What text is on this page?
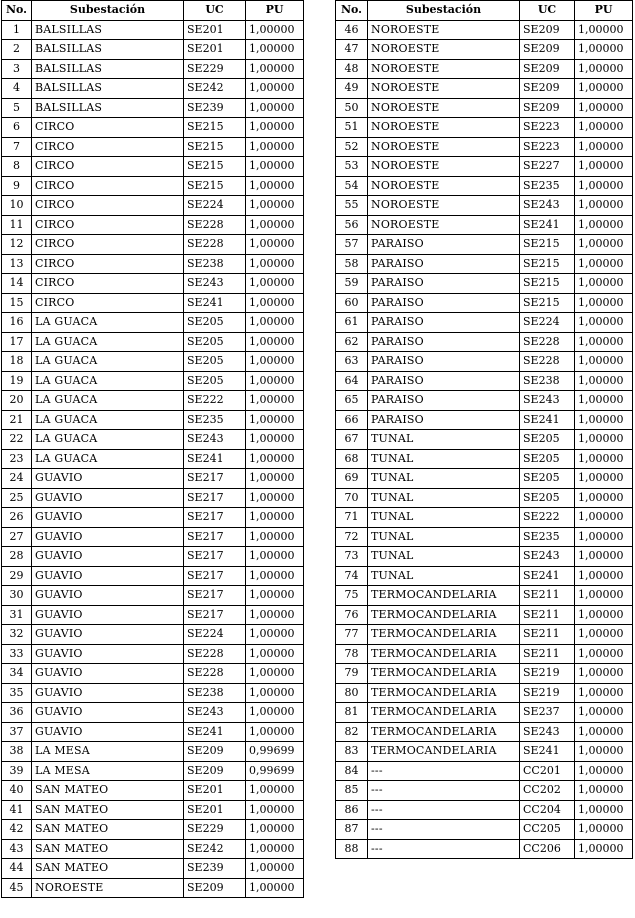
No.	Subestación	UC	PU
1	BALSILLAS	SE201	1,00000
2	BALSILLAS	SE201	1,00000
3	BALSILLAS	SE229	1,00000
4	BALSILLAS	SE242	1,00000
5	BALSILLAS	SE239	1,00000
6	CIRCO	SE215	1,00000
7	CIRCO	SE215	1,00000
8	CIRCO	SE215	1,00000
9	CIRCO	SE215	1,00000
10	CIRCO	SE224	1,00000
11	CIRCO	SE228	1,00000
12	CIRCO	SE228	1,00000
13	CIRCO	SE238	1,00000
14	CIRCO	SE243	1,00000
15	CIRCO	SE241	1,00000
16	LA GUACA	SE205	1,00000
17	LA GUACA	SE205	1,00000
18	LA GUACA	SE205	1,00000
19	LA GUACA	SE205	1,00000
20	LA GUACA	SE222	1,00000
21	LA GUACA	SE235	1,00000
22	LA GUACA	SE243	1,00000
23	LA GUACA	SE241	1,00000
24	GUAVIO	SE217	1,00000
25	GUAVIO	SE217	1,00000
26	GUAVIO	SE217	1,00000
27	GUAVIO	SE217	1,00000
28	GUAVIO	SE217	1,00000
29	GUAVIO	SE217	1,00000
30	GUAVIO	SE217	1,00000
31	GUAVIO	SE217	1,00000
32	GUAVIO	SE224	1,00000
33	GUAVIO	SE228	1,00000
34	GUAVIO	SE228	1,00000
35	GUAVIO	SE238	1,00000
36	GUAVIO	SE243	1,00000
37	GUAVIO	SE241	1,00000
38	LA MESA	SE209	0,99699
39	LA MESA	SE209	0,99699
40	SAN MATEO	SE201	1,00000
41	SAN MATEO	SE201	1,00000
42	SAN MATEO	SE229	1,00000
43	SAN MATEO	SE242	1,00000
44	SAN MATEO	SE239	1,00000
45	NOROESTE	SE209	1,00000
No.	Subestación	UC	PU
46	NOROESTE	SE209	1,00000
47	NOROESTE	SE209	1,00000
48	NOROESTE	SE209	1,00000
49	NOROESTE	SE209	1,00000
50	NOROESTE	SE209	1,00000
51	NOROESTE	SE223	1,00000
52	NOROESTE	SE223	1,00000
53	NOROESTE	SE227	1,00000
54	NOROESTE	SE235	1,00000
55	NOROESTE	SE243	1,00000
56	NOROESTE	SE241	1,00000
57	PARAISO	SE215	1,00000
58	PARAISO	SE215	1,00000
59	PARAISO	SE215	1,00000
60	PARAISO	SE215	1,00000
61	PARAISO	SE224	1,00000
62	PARAISO	SE228	1,00000
63	PARAISO	SE228	1,00000
64	PARAISO	SE238	1,00000
65	PARAISO	SE243	1,00000
66	PARAISO	SE241	1,00000
67	TUNAL	SE205	1,00000
68	TUNAL	SE205	1,00000
69	TUNAL	SE205	1,00000
70	TUNAL	SE205	1,00000
71	TUNAL	SE222	1,00000
72	TUNAL	SE235	1,00000
73	TUNAL	SE243	1,00000
74	TUNAL	SE241	1,00000
75	TERMOCANDELARIA	SE211	1,00000
76	TERMOCANDELARIA	SE211	1,00000
77	TERMOCANDELARIA	SE211	1,00000
78	TERMOCANDELARIA	SE211	1,00000
79	TERMOCANDELARIA	SE219	1,00000
80	TERMOCANDELARIA	SE219	1,00000
81	TERMOCANDELARIA	SE237	1,00000
82	TERMOCANDELARIA	SE243	1,00000
83	TERMOCANDELARIA	SE241	1,00000
84	---	CC201	1,00000
85	---	CC202	1,00000
86	---	CC204	1,00000
87	---	CC205	1,00000
88	---	CC206	1,00000
